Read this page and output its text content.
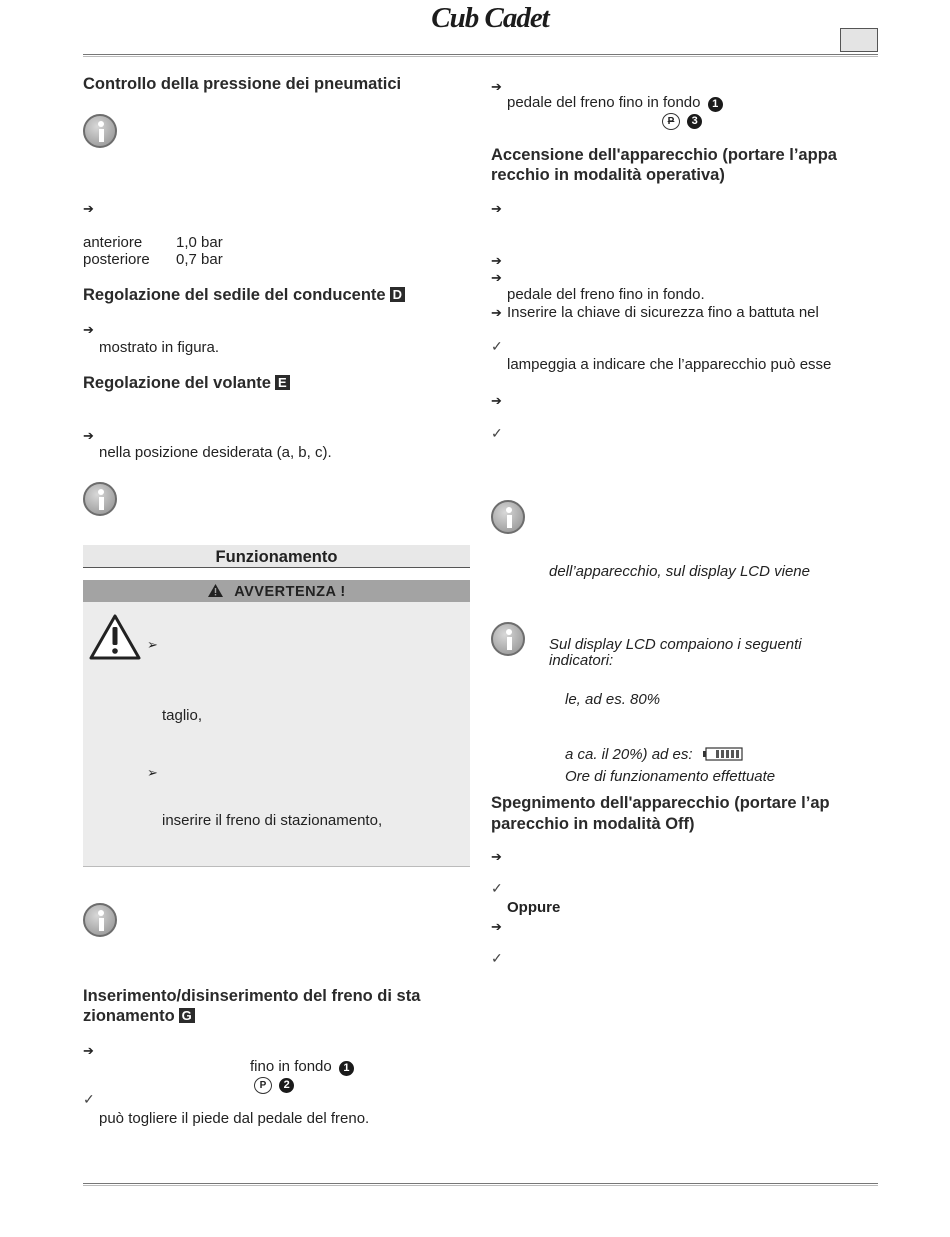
Cub Cadet
Controllo della pressione dei pneumatici
➔
anteriore 1,0 bar
posteriore 0,7 bar
Regolazione del sedile del conducente D
➔
mostrato in figura.
Regolazione del volante E
➔
nella posizione desiderata (a, b, c).
Funzionamento
AVVERTENZA !
➢
taglio,
➢
inserire il freno di stazionamento,
Inserimento/disinserimento del freno di sta
zionamento G
➔
fino in fondo 1
P 2
✓
può togliere il piede dal pedale del freno.
➔
pedale del freno fino in fondo 1
P 3
Accensione dell'apparecchio (portare l’appa
recchio in modalità operativa)
➔
➔
➔
pedale del freno fino in fondo.
➔ Inserire la chiave di sicurezza fino a battuta nel
✓
lampeggia a indicare che l’apparecchio può esse
➔
✓
dell’apparecchio, sul display LCD viene
Sul display LCD compaiono i seguenti
indicatori:
le, ad es. 80%
a ca. il 20%) ad es:
Ore di funzionamento effettuate
Spegnimento dell'apparecchio (portare l’ap
parecchio in modalità Off)
➔
✓
Oppure
➔
✓
